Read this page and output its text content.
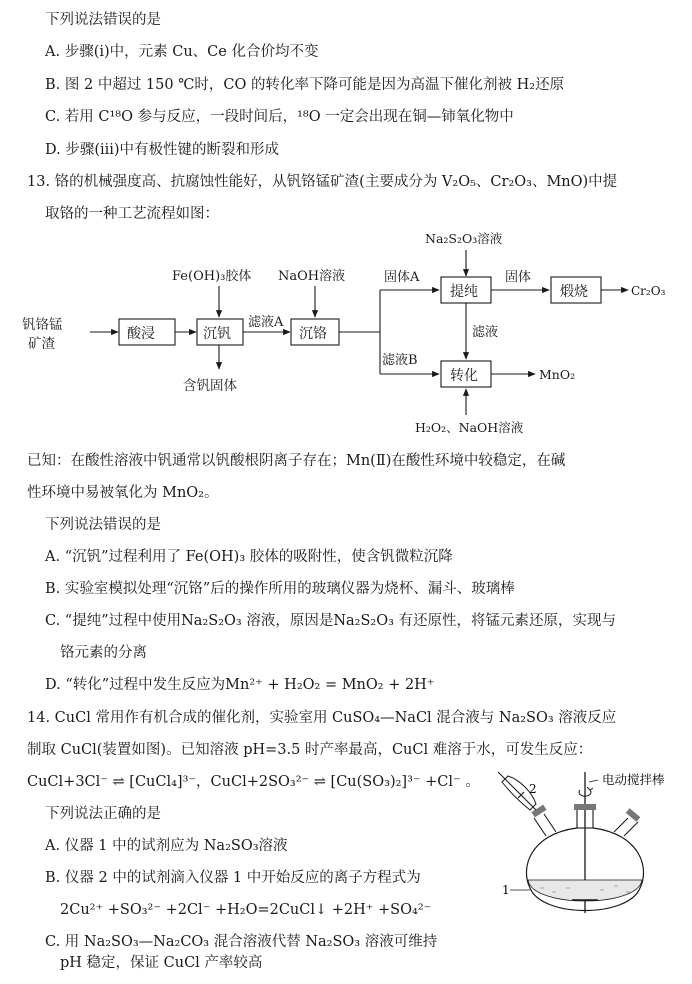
下列说法错误的是
A. 步骤(i)中，元素 Cu、Ce 化合价均不变
B. 图 2 中超过 150 ℃时，CO 的转化率下降可能是因为高温下催化剂被 H₂还原
C. 若用 C¹⁸O 参与反应，一段时间后，¹⁸O 一定会出现在铜—铈氧化物中
D. 步骤(iii)中有极性键的断裂和形成
13. 铬的机械强度高、抗腐蚀性能好，从钒铬锰矿渣(主要成分为 V₂O₅、Cr₂O₃、MnO)中提
取铬的一种工艺流程如图：
钒铬锰
矿渣
酸浸
Fe(OH)₃胶体
沉钒
含钒固体
滤液A
NaOH溶液
沉铬
固体A
滤液B
Na₂S₂O₃溶液
提纯
固体
煅烧	Cr₂O₃
滤液
转化	MnO₂
H₂O₂、NaOH溶液
已知：在酸性溶液中钒通常以钒酸根阴离子存在；Mn(Ⅱ)在酸性环境中较稳定，在碱
性环境中易被氧化为 MnO₂。
下列说法错误的是
A. “沉钒”过程利用了 Fe(OH)₃ 胶体的吸附性，使含钒微粒沉降
B. 实验室模拟处理“沉铬”后的操作所用的玻璃仪器为烧杯、漏斗、玻璃棒
C. “提纯”过程中使用Na₂S₂O₃ 溶液，原因是Na₂S₂O₃ 有还原性，将锰元素还原，实现与
铬元素的分离
D. “转化”过程中发生反应为Mn²⁺ + H₂O₂ = MnO₂ + 2H⁺
14. CuCl 常用作有机合成的催化剂，实验室用 CuSO₄—NaCl 混合液与 Na₂SO₃ 溶液反应
制取 CuCl(装置如图)。已知溶液 pH=3.5 时产率最高，CuCl 难溶于水，可发生反应：
CuCl+3Cl⁻ ⇌ [CuCl₄]³⁻，CuCl+2SO₃²⁻ ⇌ [Cu(SO₃)₂]³⁻ +Cl⁻ 。
下列说法正确的是
A. 仪器 1 中的试剂应为 Na₂SO₃溶液
B. 仪器 2 中的试剂滴入仪器 1 中开始反应的离子方程式为
2Cu²⁺ +SO₃²⁻ +2Cl⁻ +H₂O=2CuCl↓ +2H⁺ +SO₄²⁻
C. 用 Na₂SO₃—Na₂CO₃ 混合溶液代替 Na₂SO₃ 溶液可维持
pH 稳定，保证 CuCl 产率较高
电动搅拌棒
2
1
